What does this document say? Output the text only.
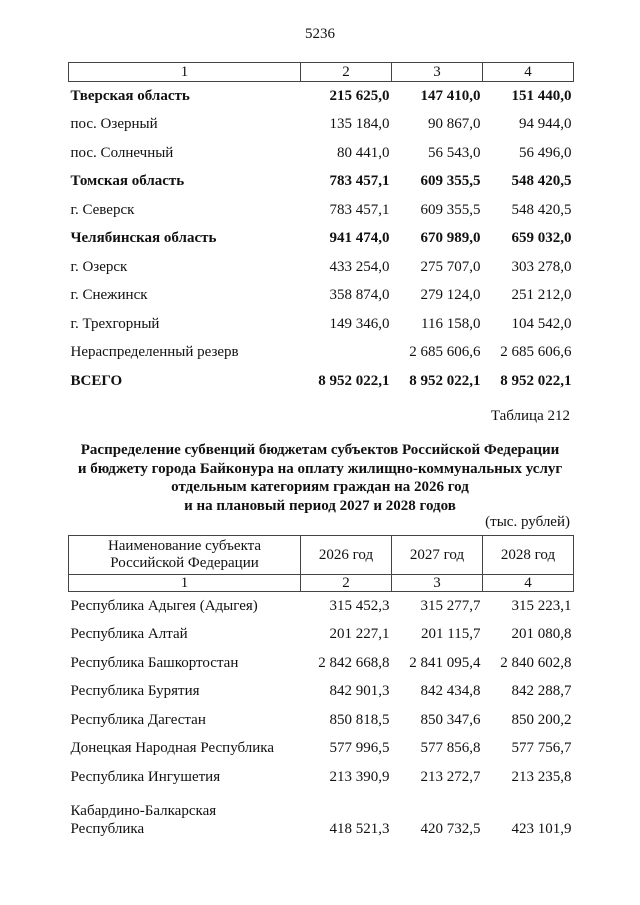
5236
1	2	3	4
Тверская область	215 625,0	147 410,0	151 440,0
пос. Озерный	135 184,0	90 867,0	94 944,0
пос. Солнечный	80 441,0	56 543,0	56 496,0
Томская область	783 457,1	609 355,5	548 420,5
г. Северск	783 457,1	609 355,5	548 420,5
Челябинская область	941 474,0	670 989,0	659 032,0
г. Озерск	433 254,0	275 707,0	303 278,0
г. Снежинск	358 874,0	279 124,0	251 212,0
г. Трехгорный	149 346,0	116 158,0	104 542,0
Нераспределенный резерв		2 685 606,6	2 685 606,6
ВСЕГО	8 952 022,1	8 952 022,1	8 952 022,1
Таблица 212
Распределение субвенций бюджетам субъектов Российской Федерации
и бюджету города Байконура на оплату жилищно-коммунальных услуг
отдельным категориям граждан на 2026 год
и на плановый период 2027 и 2028 годов
(тыс. рублей)
Наименование субъекта
Российской Федерации	2026 год	2027 год	2028 год
1	2	3	4
Республика Адыгея (Адыгея)	315 452,3	315 277,7	315 223,1
Республика Алтай	201 227,1	201 115,7	201 080,8
Республика Башкортостан	2 842 668,8	2 841 095,4	2 840 602,8
Республика Бурятия	842 901,3	842 434,8	842 288,7
Республика Дагестан	850 818,5	850 347,6	850 200,2
Донецкая Народная Республика	577 996,5	577 856,8	577 756,7
Республика Ингушетия	213 390,9	213 272,7	213 235,8

Кабардино-Балкарская
Республика	418 521,3	420 732,5	423 101,9
